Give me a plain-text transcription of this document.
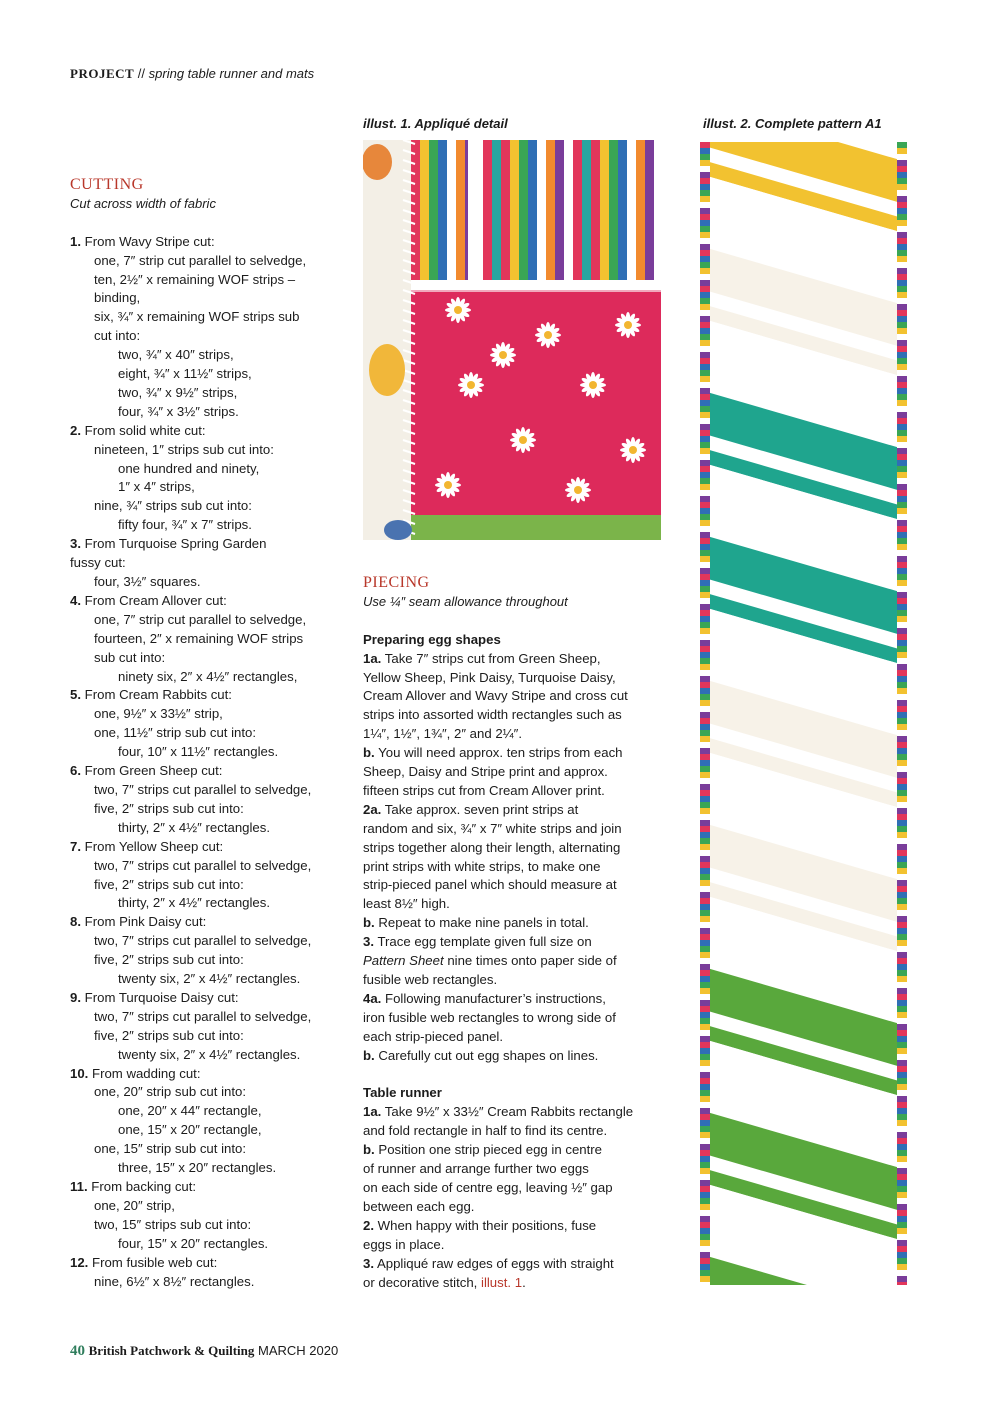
PROJECT // spring table runner and mats
CUTTING
Cut across width of fabric
1. From Wavy Stripe cut:
one, 7″ strip cut parallel to selvedge,
ten, 2½″ x remaining WOF strips –
binding,
six, ¾″ x remaining WOF strips sub
cut into:
two, ¾″ x 40″ strips,
eight, ¾″ x 11½″ strips,
two, ¾″ x 9½″ strips,
four, ¾″ x 3½″ strips.
2. From solid white cut:
nineteen, 1″ strips sub cut into:
one hundred and ninety,
1″ x 4″ strips,
nine, ¾″ strips sub cut into:
fifty four, ¾″ x 7″ strips.
3. From Turquoise Spring Garden
fussy cut:
four, 3½″ squares.
4. From Cream Allover cut:
one, 7″ strip cut parallel to selvedge,
fourteen, 2″ x remaining WOF strips
sub cut into:
ninety six, 2″ x 4½″ rectangles,
5. From Cream Rabbits cut:
one, 9½″ x 33½″ strip,
one, 11½″ strip sub cut into:
four, 10″ x 11½″ rectangles.
6. From Green Sheep cut:
two, 7″ strips cut parallel to selvedge,
five, 2″ strips sub cut into:
thirty, 2″ x 4½″ rectangles.
7. From Yellow Sheep cut:
two, 7″ strips cut parallel to selvedge,
five, 2″ strips sub cut into:
thirty, 2″ x 4½″ rectangles.
8. From Pink Daisy cut:
two, 7″ strips cut parallel to selvedge,
five, 2″ strips sub cut into:
twenty six, 2″ x 4½″ rectangles.
9. From Turquoise Daisy cut:
two, 7″ strips cut parallel to selvedge,
five, 2″ strips sub cut into:
twenty six, 2″ x 4½″ rectangles.
10. From wadding cut:
one, 20″ strip sub cut into:
one, 20″ x 44″ rectangle,
one, 15″ x 20″ rectangle,
one, 15″ strip sub cut into:
three, 15″ x 20″ rectangles.
11. From backing cut:
one, 20″ strip,
two, 15″ strips sub cut into:
four, 15″ x 20″ rectangles.
12. From fusible web cut:
nine, 6½″ x 8½″ rectangles.
illust. 1. Appliqué detail	illust. 2. Complete pattern A1
PIECING
Use ¼″ seam allowance throughout
Preparing egg shapes
1a. Take 7″ strips cut from Green Sheep,
Yellow Sheep, Pink Daisy, Turquoise Daisy,
Cream Allover and Wavy Stripe and cross cut
strips into assorted width rectangles such as
1¼″, 1½″, 1¾″, 2″ and 2¼″.
b. You will need approx. ten strips from each
Sheep, Daisy and Stripe print and approx.
fifteen strips cut from Cream Allover print.
2a. Take approx. seven print strips at
random and six, ¾″ x 7″ white strips and join
strips together along their length, alternating
print strips with white strips, to make one
strip-pieced panel which should measure at
least 8½″ high.
b. Repeat to make nine panels in total.
3. Trace egg template given full size on
Pattern Sheet nine times onto paper side of
fusible web rectangles.
4a. Following manufacturer’s instructions,
iron fusible web rectangles to wrong side of
each strip-pieced panel.
b. Carefully cut out egg shapes on lines.
Table runner
1a. Take 9½″ x 33½″ Cream Rabbits rectangle
and fold rectangle in half to find its centre.
b. Position one strip pieced egg in centre
of runner and arrange further two eggs
on each side of centre egg, leaving ½″ gap
between each egg.
2. When happy with their positions, fuse
eggs in place.
3. Appliqué raw edges of eggs with straight
or decorative stitch, illust. 1.
40 British Patchwork & Quilting MARCH 2020
